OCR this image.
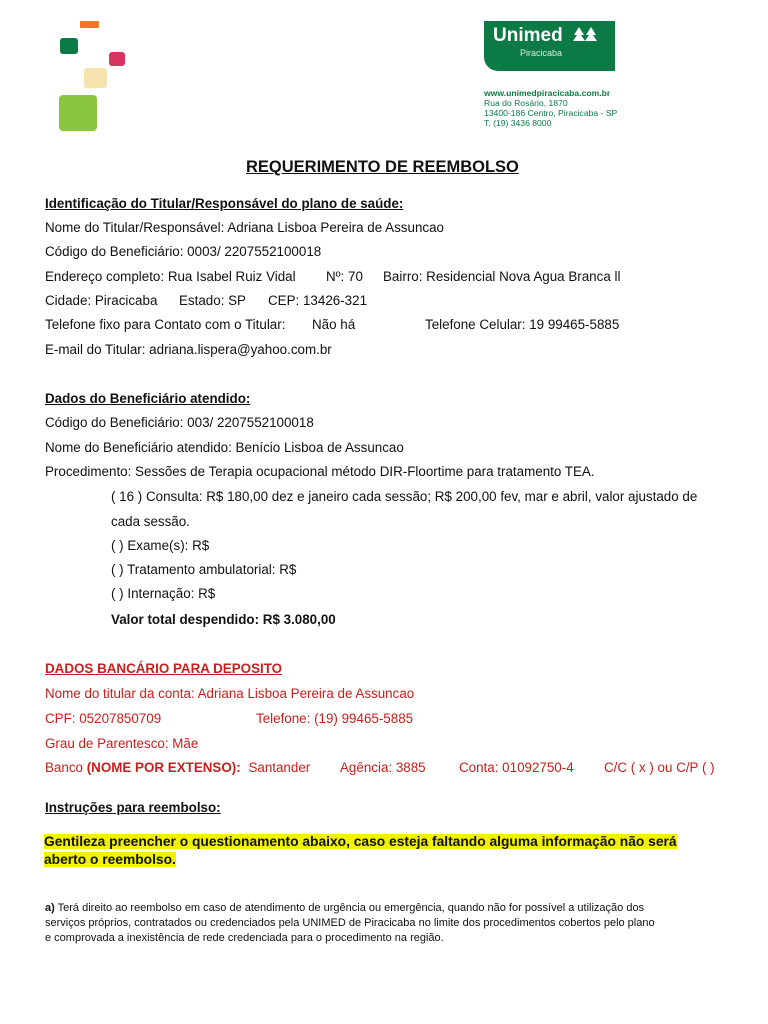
Unimed
Piracicaba
www.unimedpiracicaba.com.br
Rua do Rosário, 1870
13400-186 Centro, Piracicaba - SP
T. (19) 3436 8000
REQUERIMENTO DE REEMBOLSO
Identificação do Titular/Responsável do plano de saúde:
Nome do Titular/Responsável: Adriana Lisboa Pereira de Assuncao
Código do Beneficiário: 0003/ 2207552100018
Endereço completo: Rua Isabel Ruiz Vidal Nº: 70 Bairro: Residencial Nova Agua Branca ll
Cidade: Piracicaba Estado: SP CEP: 13426-321
Telefone fixo para Contato com o Titular: Não há	Telefone Celular: 19 99465-5885
E-mail do Titular: adriana.lispera@yahoo.com.br
Dados do Beneficiário atendido:
Código do Beneficiário: 003/ 2207552100018
Nome do Beneficiário atendido: Benício Lisboa de Assuncao
Procedimento: Sessões de Terapia ocupacional método DIR-Floortime para tratamento TEA.
( 16 ) Consulta: R$ 180,00 dez e janeiro cada sessão; R$ 200,00 fev, mar e abril, valor ajustado de
cada sessão.
( ) Exame(s): R$
( ) Tratamento ambulatorial: R$
( ) Internação: R$
Valor total despendido: R$ 3.080,00
DADOS BANCÁRIO PARA DEPOSITO
Nome do titular da conta: Adriana Lisboa Pereira de Assuncao
CPF: 05207850709	Telefone: (19) 99465-5885
Grau de Parentesco: Mãe
Banco (NOME POR EXTENSO): Santander Agência: 3885 Conta: 01092750-4 C/C ( x ) ou C/P ( )
Instruções para reembolso:
Gentileza preencher o questionamento abaixo, caso esteja faltando alguma informação não será
aberto o reembolso.
a) Terá direito ao reembolso em caso de atendimento de urgência ou emergência, quando não for possível a utilização dos
serviços próprios, contratados ou credenciados pela UNIMED de Piracicaba no limite dos procedimentos cobertos pelo plano
e comprovada a inexistência de rede credenciada para o procedimento na região.
